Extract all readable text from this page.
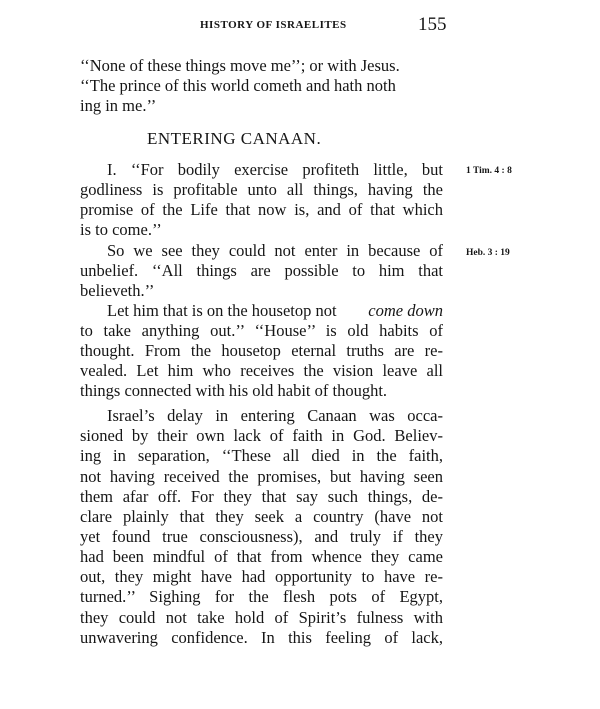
HISTORY OF ISRAELITES	155
‘‘None of these things move me’’; or with Jesus.
‘‘The prince of this world cometh and hath noth
ing in me.’’
ENTERING CANAAN.
I. ‘‘For bodily exercise profiteth little, but 1 Tim. 4 : 8
godliness is profitable unto all things, having the
promise of the Life that now is, and of that which
is to come.’’
So we see they could not enter in because of Heb. 3 : 19
unbelief. ‘‘All things are possible to him that
believeth.’’
Let him that is on the housetop not come down
to take anything out.’’ ‘‘House’’ is old habits of
thought. From the housetop eternal truths are re-
vealed. Let him who receives the vision leave all
things connected with his old habit of thought.
Israel’s delay in entering Canaan was occa-
sioned by their own lack of faith in God. Believ-
ing in separation, ‘‘These all died in the faith,
not having received the promises, but having seen
them afar off. For they that say such things, de-
clare plainly that they seek a country (have not
yet found true consciousness), and truly if they
had been mindful of that from whence they came
out, they might have had opportunity to have re-
turned.’’ Sighing for the flesh pots of Egypt,
they could not take hold of Spirit’s fulness with
unwavering confidence. In this feeling of lack,
